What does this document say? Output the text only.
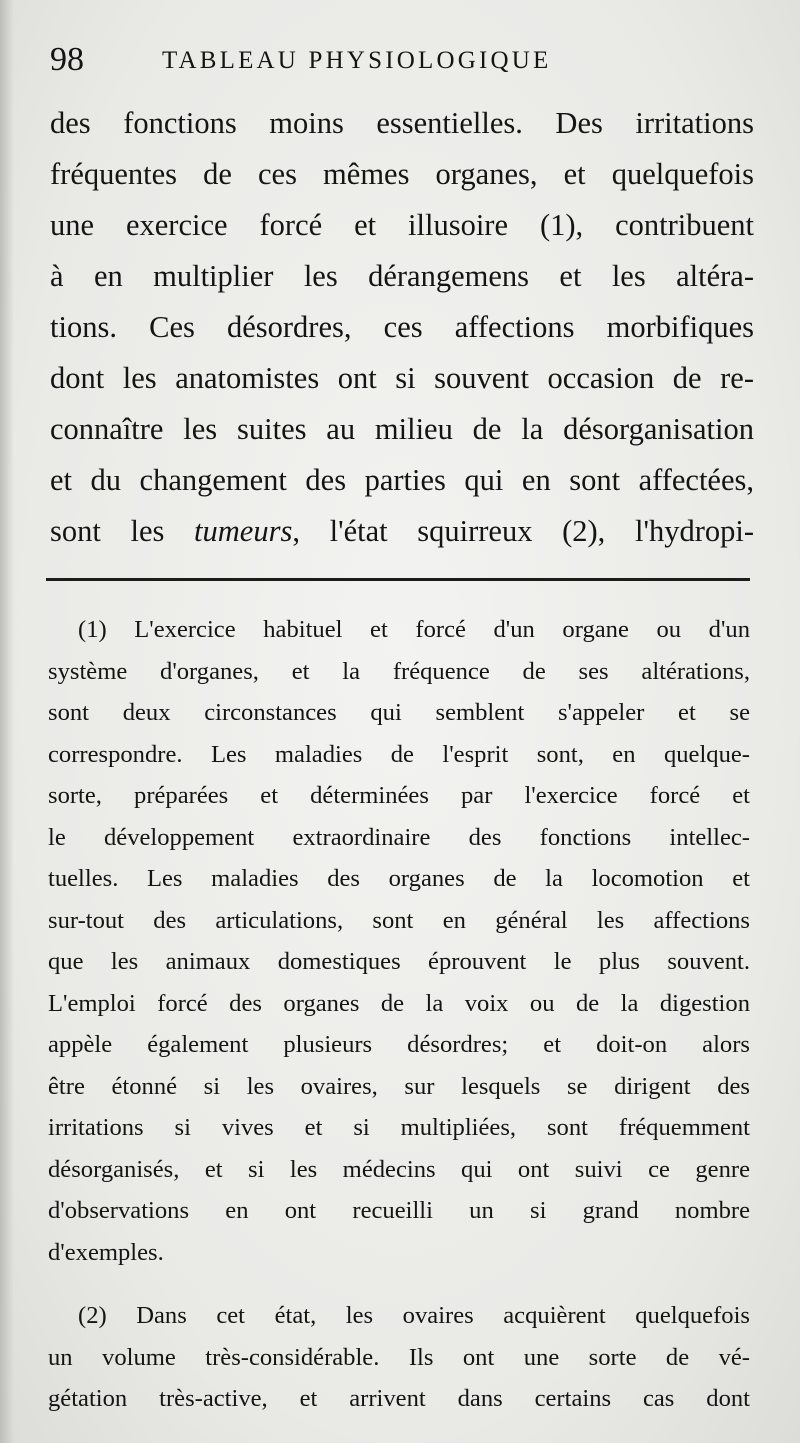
98	TABLEAU PHYSIOLOGIQUE
des fonctions moins essentielles. Des irritations
fréquentes de ces mêmes organes, et quelquefois
une exercice forcé et illusoire (1), contribuent
à en multiplier les dérangemens et les altéra-
tions. Ces désordres, ces affections morbifiques
dont les anatomistes ont si souvent occasion de re-
connaître les suites au milieu de la désorganisation
et du changement des parties qui en sont affectées,
sont les tumeurs, l'état squirreux (2), l'hydropi-
(1) L'exercice habituel et forcé d'un organe ou d'un
système d'organes, et la fréquence de ses altérations,
sont deux circonstances qui semblent s'appeler et se
correspondre. Les maladies de l'esprit sont, en quelque-
sorte, préparées et déterminées par l'exercice forcé et
le développement extraordinaire des fonctions intellec-
tuelles. Les maladies des organes de la locomotion et
sur-tout des articulations, sont en général les affections
que les animaux domestiques éprouvent le plus souvent.
L'emploi forcé des organes de la voix ou de la digestion
appèle également plusieurs désordres; et doit-on alors
être étonné si les ovaires, sur lesquels se dirigent des
irritations si vives et si multipliées, sont fréquemment
désorganisés, et si les médecins qui ont suivi ce genre
d'observations en ont recueilli un si grand nombre
d'exemples.
(2) Dans cet état, les ovaires acquièrent quelquefois
un volume très-considérable. Ils ont une sorte de vé-
gétation très-active, et arrivent dans certains cas dont
